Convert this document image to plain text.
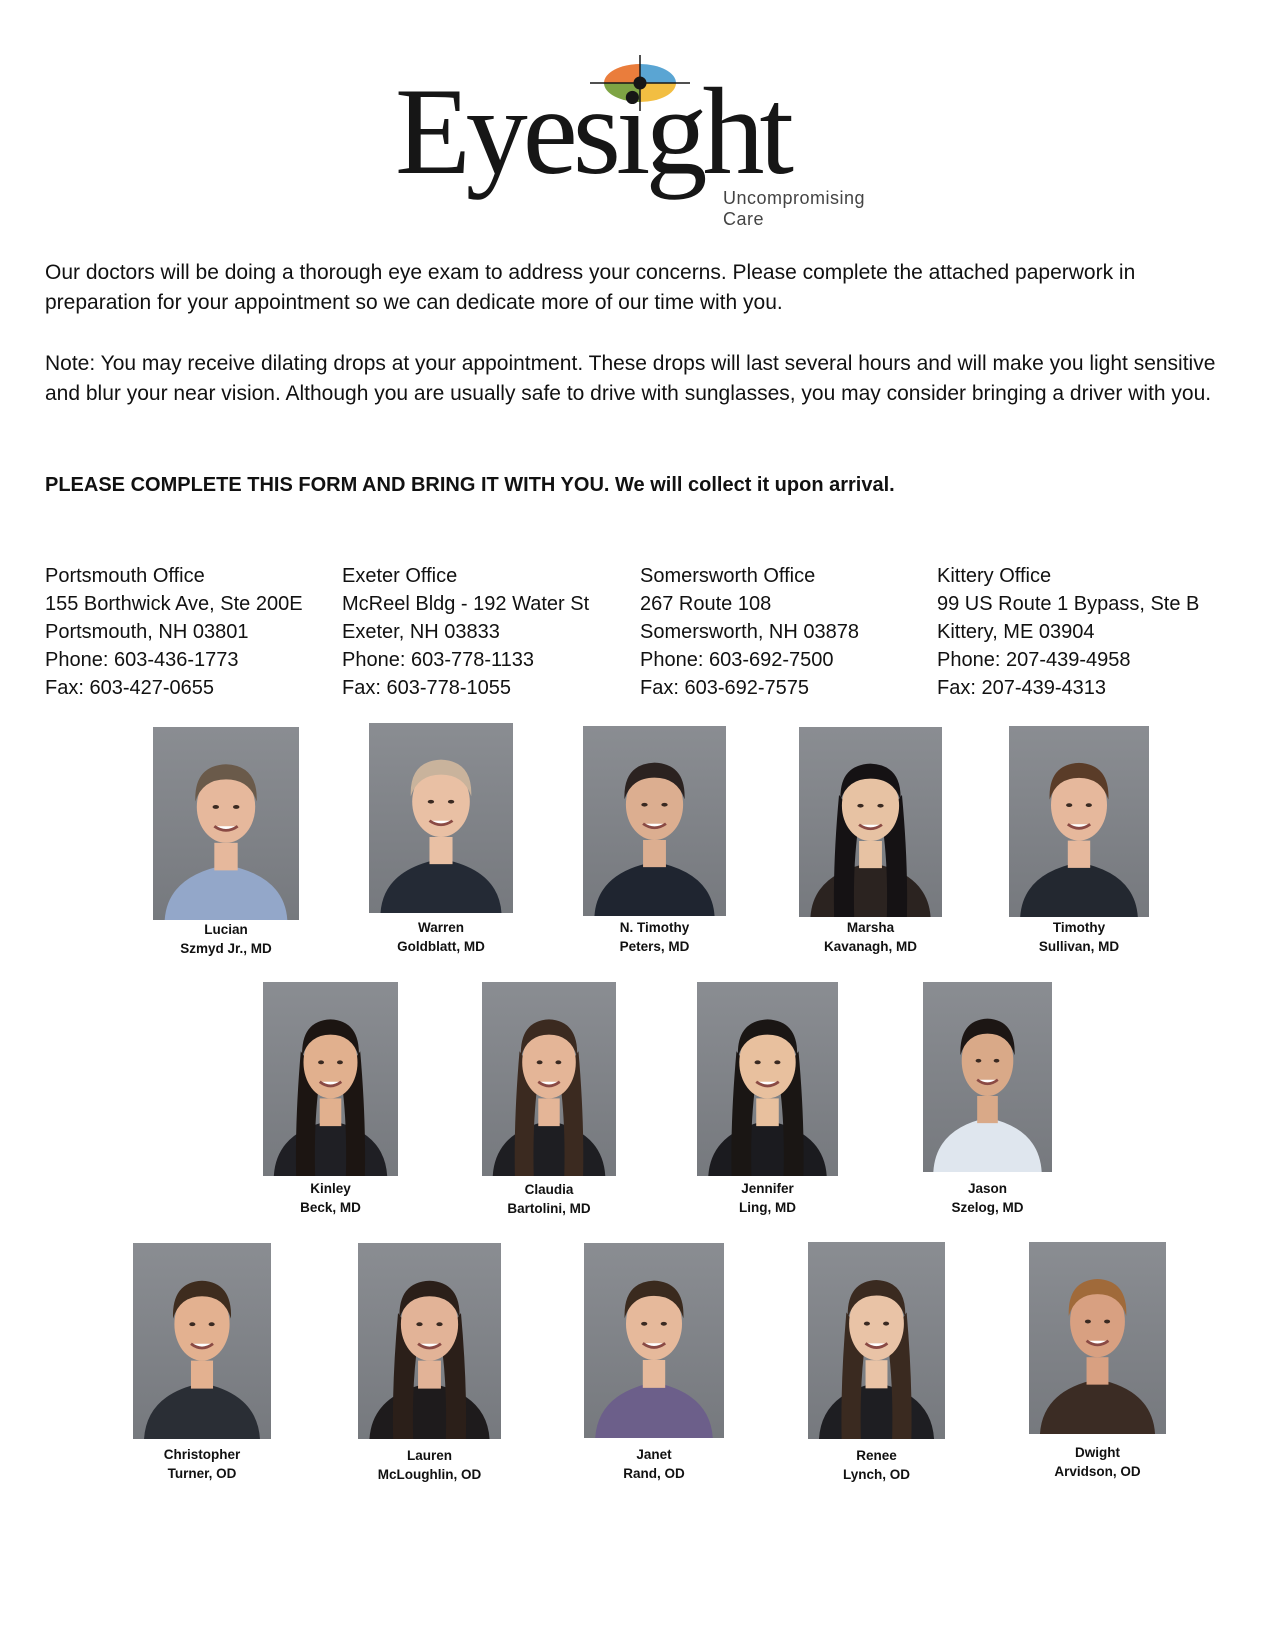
Eyesight
Uncompromising Care

Our doctors will be doing a thorough eye exam to address your concerns. Please complete the attached paperwork in preparation for your appointment so we can dedicate more of our time with you.

Note: You may receive dilating drops at your appointment. These drops will last several hours and will make you light sensitive and blur your near vision. Although you are usually safe to drive with sunglasses, you may consider bringing a driver with you.

PLEASE COMPLETE THIS FORM AND BRING IT WITH YOU. We will collect it upon arrival.

Portsmouth Office
155 Borthwick Ave, Ste 200E
Portsmouth, NH 03801
Phone: 603-436-1773
Fax: 603-427-0655
Exeter Office
McReel Bldg - 192 Water St
Exeter, NH 03833
Phone: 603-778-1133
Fax: 603-778-1055
Somersworth Office
267 Route 108
Somersworth, NH 03878
Phone: 603-692-7500
Fax: 603-692-7575
Kittery Office
99 US Route 1 Bypass, Ste B
Kittery, ME 03904
Phone: 207-439-4958
Fax: 207-439-4313
Lucian
Szmyd Jr., MD
Warren
Goldblatt, MD
N. Timothy
Peters, MD
Marsha
Kavanagh, MD
Timothy
Sullivan, MD
Kinley
Beck, MD
Claudia
Bartolini, MD
Jennifer
Ling, MD
Jason
Szelog, MD
Christopher
Turner, OD
Lauren
McLoughlin, OD
Janet
Rand, OD
Renee
Lynch, OD
Dwight
Arvidson, OD
